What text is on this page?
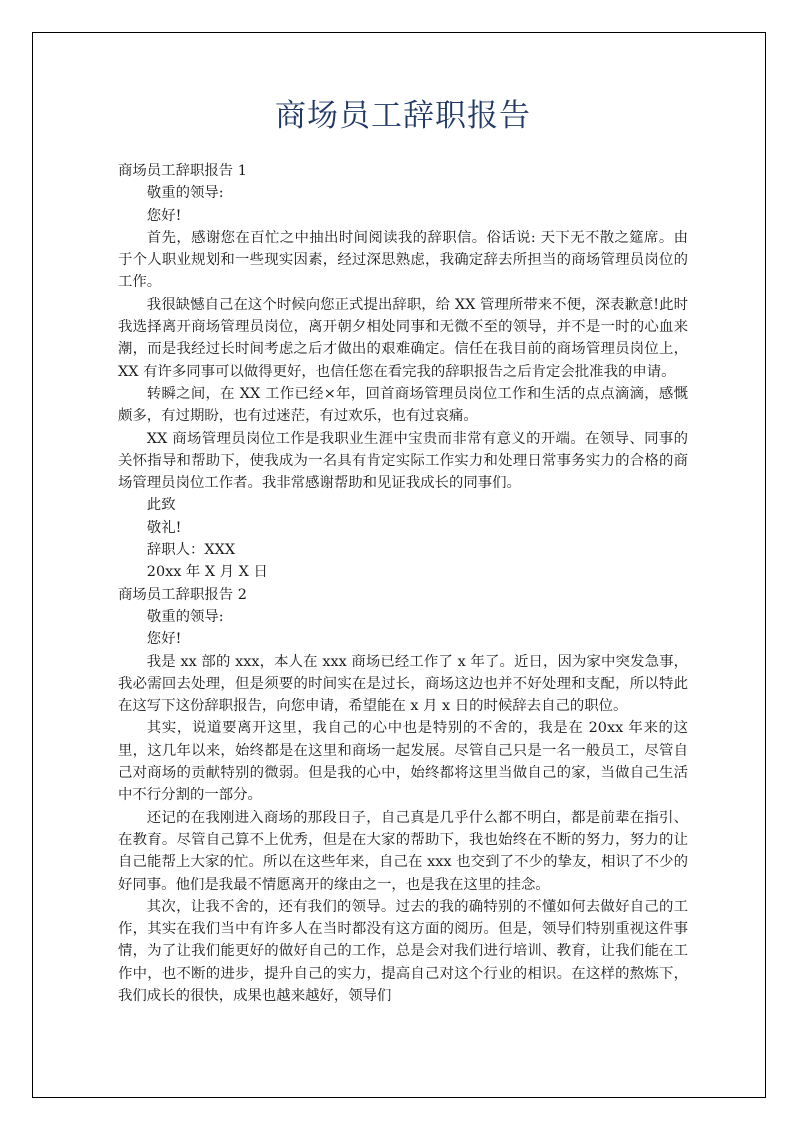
商场员工辞职报告

商场员工辞职报告 1

敬重的领导:

您好!

首先，感谢您在百忙之中抽出时间阅读我的辞职信。俗话说: 天下无不散之筵席。由于个人职业规划和一些现实因素，经过深思熟虑，我确定辞去所担当的商场管理员岗位的工作。

我很缺憾自己在这个时候向您正式提出辞职，给 XX 管理所带来不便，深表歉意!此时我选择离开商场管理员岗位，离开朝夕相处同事和无微不至的领导，并不是一时的心血来潮，而是我经过长时间考虑之后才做出的艰难确定。信任在我目前的商场管理员岗位上，XX 有许多同事可以做得更好，也信任您在看完我的辞职报告之后肯定会批准我的申请。

转瞬之间，在 XX 工作已经×年，回首商场管理员岗位工作和生活的点点滴滴，感慨颇多，有过期盼，也有过迷茫，有过欢乐，也有过哀痛。

XX 商场管理员岗位工作是我职业生涯中宝贵而非常有意义的开端。在领导、同事的关怀指导和帮助下，使我成为一名具有肯定实际工作实力和处理日常事务实力的合格的商场管理员岗位工作者。我非常感谢帮助和见证我成长的同事们。

此致

敬礼!

辞职人：XXX

20xx 年 X 月 X 日

商场员工辞职报告 2

敬重的领导:

您好!

我是 xx 部的 xxx，本人在 xxx 商场已经工作了 x 年了。近日，因为家中突发急事，我必需回去处理，但是须要的时间实在是过长，商场这边也并不好处理和支配，所以特此在这写下这份辞职报告，向您申请，希望能在 x 月 x 日的时候辞去自己的职位。

其实，说道要离开这里，我自己的心中也是特别的不舍的，我是在 20xx 年来的这里，这几年以来，始终都是在这里和商场一起发展。尽管自己只是一名一般员工，尽管自己对商场的贡献特别的微弱。但是我的心中，始终都将这里当做自己的家，当做自己生活中不行分割的一部分。

还记的在我刚进入商场的那段日子，自己真是几乎什么都不明白，都是前辈在指引、在教育。尽管自己算不上优秀，但是在大家的帮助下，我也始终在不断的努力，努力的让自己能帮上大家的忙。所以在这些年来，自己在 xxx 也交到了不少的挚友，相识了不少的好同事。他们是我最不情愿离开的缘由之一，也是我在这里的挂念。

其次，让我不舍的，还有我们的领导。过去的我的确特别的不懂如何去做好自己的工作，其实在我们当中有许多人在当时都没有这方面的阅历。但是，领导们特别重视这件事情，为了让我们能更好的做好自己的工作，总是会对我们进行培训、教育，让我们能在工作中，也不断的进步，提升自己的实力，提高自己对这个行业的相识。在这样的熬炼下，我们成长的很快，成果也越来越好，领导们
